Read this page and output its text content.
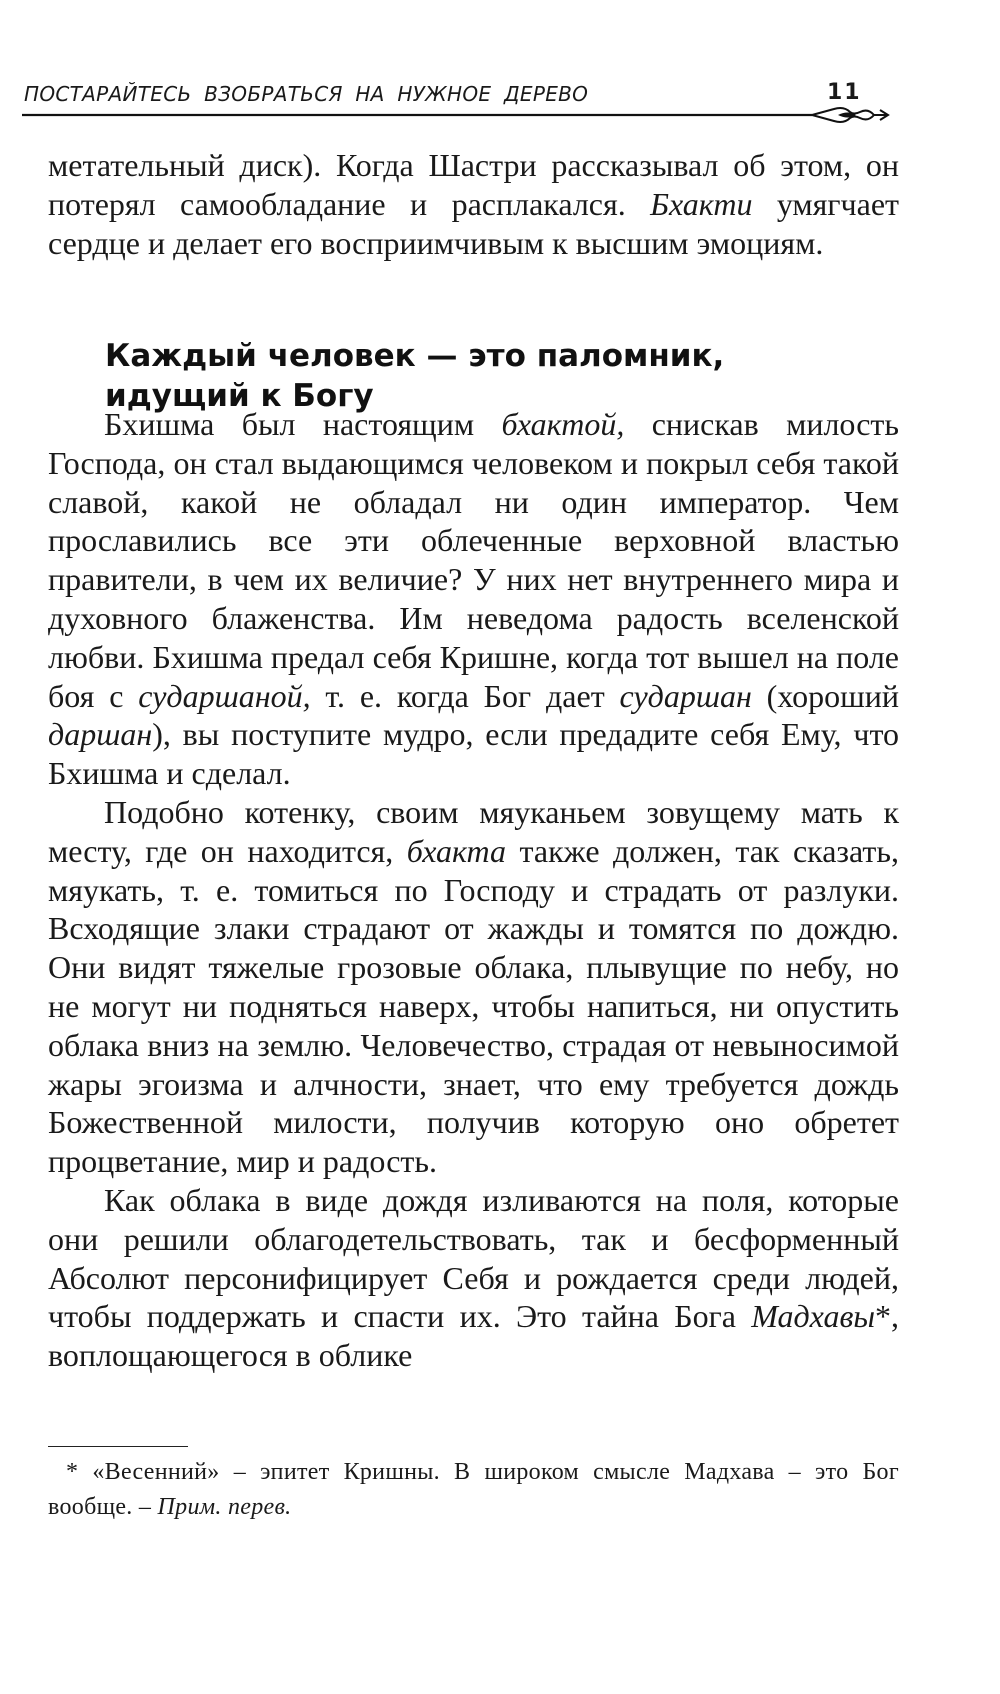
ПОСТАРАЙТЕСЬ ВЗОБРАТЬСЯ НА НУЖНОЕ ДЕРЕВО	11

метательный диск). Когда Шастри рассказывал об этом, он потерял самообладание и расплакался. Бхакти умягчает сердце и делает его восприимчивым к высшим эмоциям.

Каждый человек — это паломник,
идущий к Богу

Бхишма был настоящим бхактой, снискав милость Господа, он стал выдающимся человеком и покрыл себя такой славой, какой не обладал ни один император. Чем прославились все эти облеченные верховной властью правители, в чем их величие? У них нет внутреннего мира и духовного блаженства. Им неведома радость вселенской любви. Бхишма предал себя Кришне, когда тот вышел на поле боя с сударшаной, т. е. когда Бог дает сударшан (хороший даршан), вы поступите мудро, если предадите себя Ему, что Бхишма и сделал.

Подобно котенку, своим мяуканьем зовущему мать к месту, где он находится, бхакта также должен, так сказать, мяукать, т. е. томиться по Господу и страдать от разлуки. Всходящие злаки страдают от жажды и томятся по дождю. Они видят тяжелые грозовые облака, плывущие по небу, но не могут ни подняться наверх, чтобы напиться, ни опустить облака вниз на землю. Человечество, страдая от невыносимой жары эгоизма и алчности, знает, что ему требуется дождь Божественной милости, получив которую оно обретет процветание, мир и радость.

Как облака в виде дождя изливаются на поля, которые они решили облагодетельствовать, так и бесформенный Абсолют персонифицирует Себя и рождается среди людей, чтобы поддержать и спасти их. Это тайна Бога Мадхавы*, воплощающегося в облике

* «Весенний» – эпитет Кришны. В широком смысле Мадхава – это Бог вообще. – Прим. перев.
